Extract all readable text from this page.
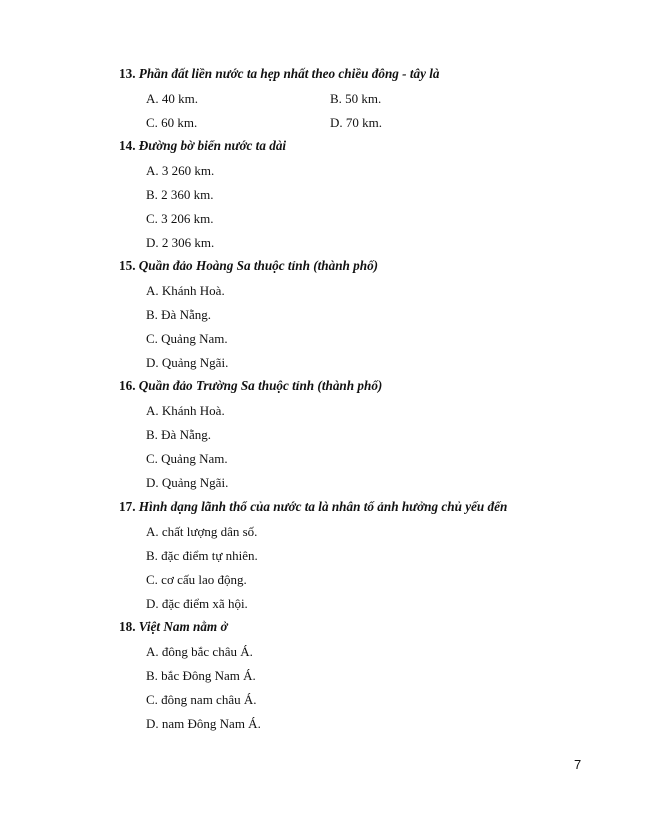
13. Phần đất liền nước ta hẹp nhất theo chiều đông - tây là
A. 40 km.	B. 50 km.
C. 60 km.	D. 70 km.
14. Đường bờ biển nước ta dài
A. 3 260 km.
B. 2 360 km.
C. 3 206 km.
D. 2 306 km.
15. Quần đảo Hoàng Sa thuộc tỉnh (thành phố)
A. Khánh Hoà.
B. Đà Nẵng.
C. Quảng Nam.
D. Quảng Ngãi.
16. Quần đảo Trường Sa thuộc tỉnh (thành phố)
A. Khánh Hoà.
B. Đà Nẵng.
C. Quảng Nam.
D. Quảng Ngãi.
17. Hình dạng lãnh thổ của nước ta là nhân tố ảnh hưởng chủ yếu đến
A. chất lượng dân số.
B. đặc điểm tự nhiên.
C. cơ cấu lao động.
D. đặc điểm xã hội.
18. Việt Nam nằm ở
A. đông bắc châu Á.
B. bắc Đông Nam Á.
C. đông nam châu Á.
D. nam Đông Nam Á.
7
